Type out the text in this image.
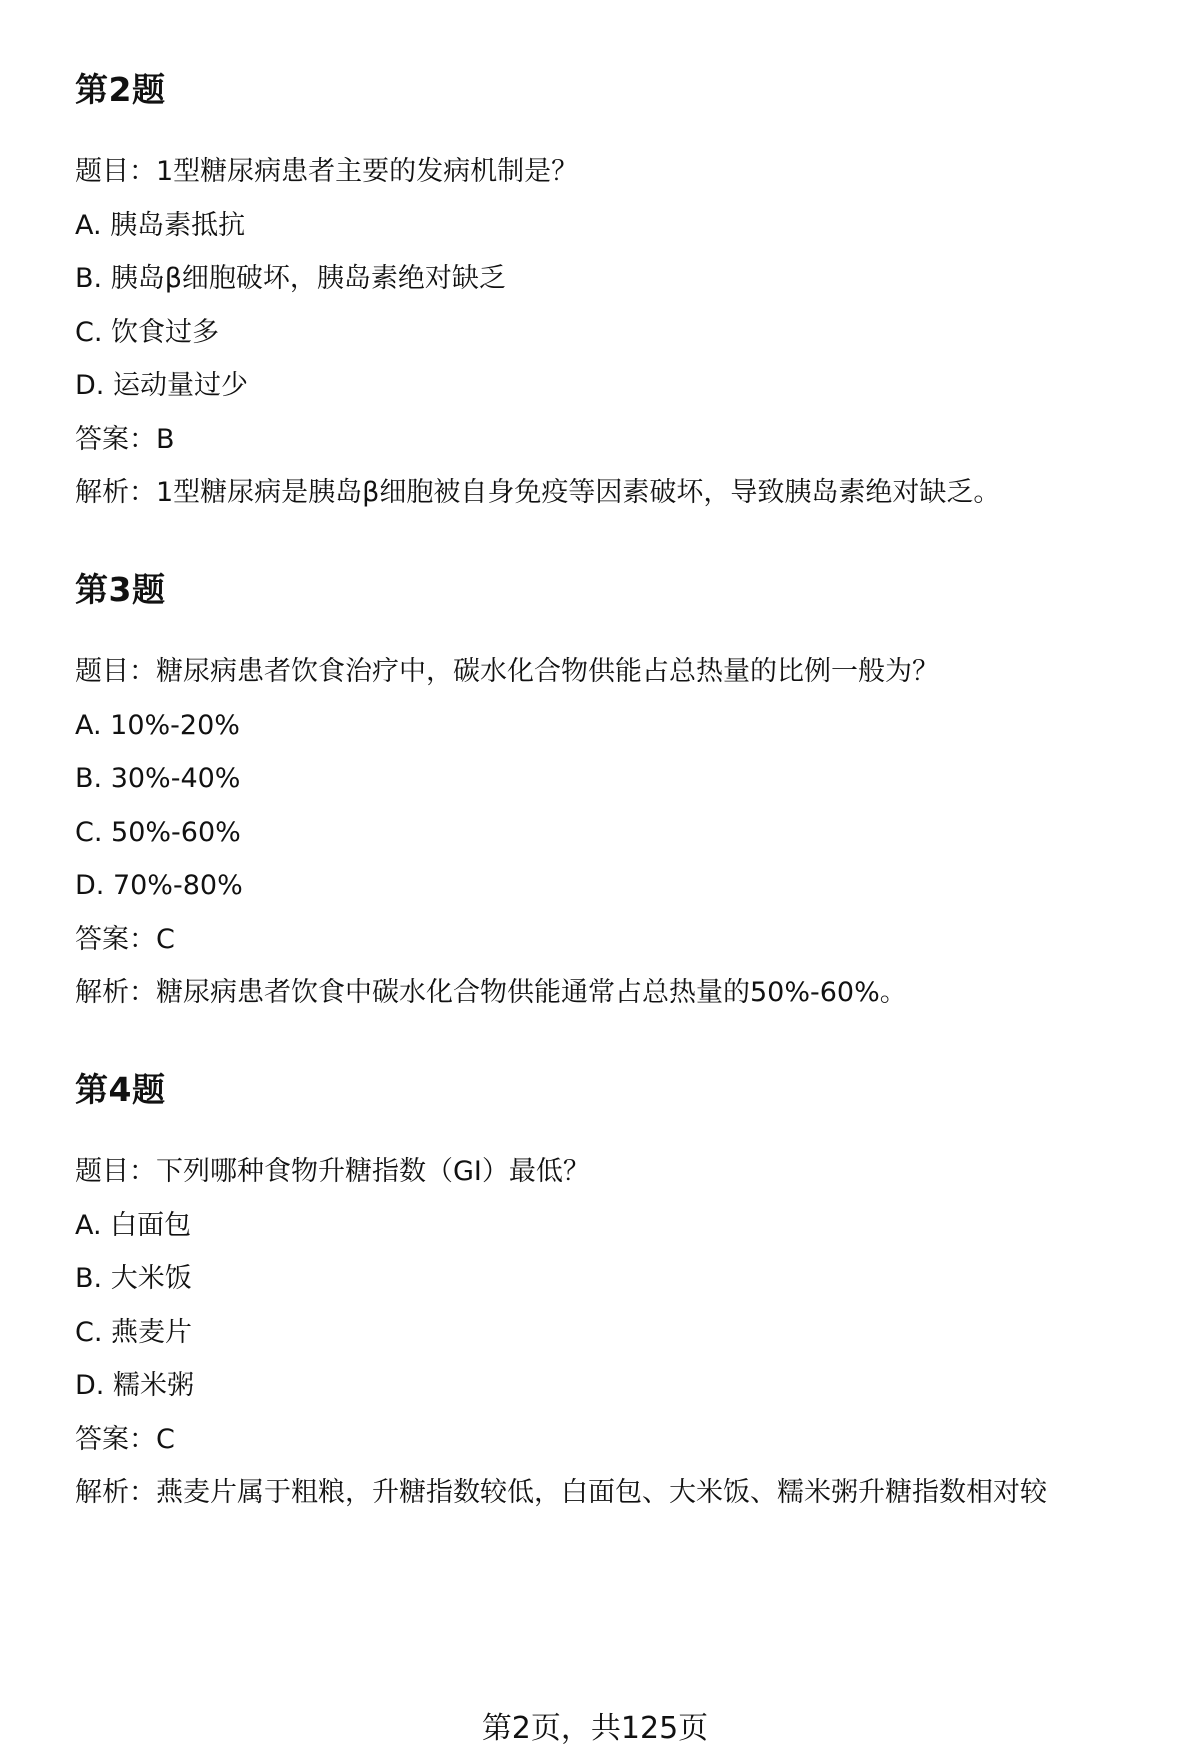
第2题
题目：1型糖尿病患者主要的发病机制是？
A. 胰岛素抵抗
B. 胰岛β细胞破坏，胰岛素绝对缺乏
C. 饮食过多
D. 运动量过少
答案：B
解析：1型糖尿病是胰岛β细胞被自身免疫等因素破坏，导致胰岛素绝对缺乏。
第3题
题目：糖尿病患者饮食治疗中，碳水化合物供能占总热量的比例一般为？
A. 10%-20%
B. 30%-40%
C. 50%-60%
D. 70%-80%
答案：C
解析：糖尿病患者饮食中碳水化合物供能通常占总热量的50%-60%。
第4题
题目：下列哪种食物升糖指数（GI）最低？
A. 白面包
B. 大米饭
C. 燕麦片
D. 糯米粥
答案：C
解析：燕麦片属于粗粮，升糖指数较低，白面包、大米饭、糯米粥升糖指数相对较
第2页，共125页
